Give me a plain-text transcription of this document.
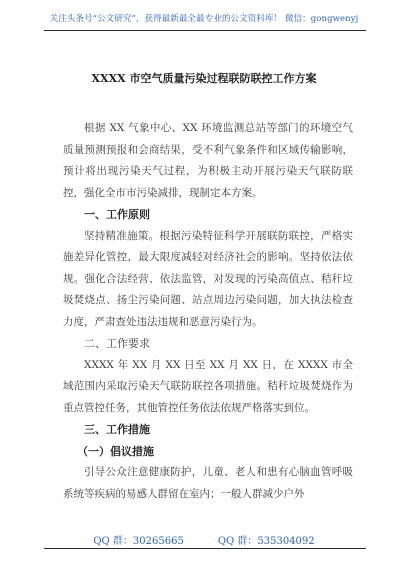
关注头条号“公文研究”，获得最新最全最专业的公文资料库！ 微信：gongwenyj
XXXX 市空气质量污染过程联防联控工作方案

根据 XX 气象中心、XX 环境监测总站等部门的环境空气质量预测预报和会商结果，受不利气象条件和区域传输影响，预计将出现污染天气过程，为积极主动开展污染天气联防联控，强化全市市污染减排，现制定本方案。

一、工作原则

坚持精准施策。根据污染特征科学开展联防联控，严格实施差异化管控，最大限度减轻对经济社会的影响。坚持依法依规。强化合法经营、依法监管，对发现的污染高值点、秸秆垃圾焚烧点、扬尘污染问题、站点周边污染问题，加大执法检查力度，严肃查处违法违规和恶意污染行为。

二、工作要求

XXXX 年 XX 月 XX 日至 XX 月 XX 日，在 XXXX 市全域范围内采取污染天气联防联控各项措施。秸秆垃圾焚烧作为重点管控任务，其他管控任务依法依规严格落实到位。

三、工作措施

（一）倡议措施

引导公众注意健康防护，儿童、老人和患有心脑血管呼吸系统等疾病的易感人群留在室内；一般人群减少户外

QQ 群：30265665	QQ 群：535304092
